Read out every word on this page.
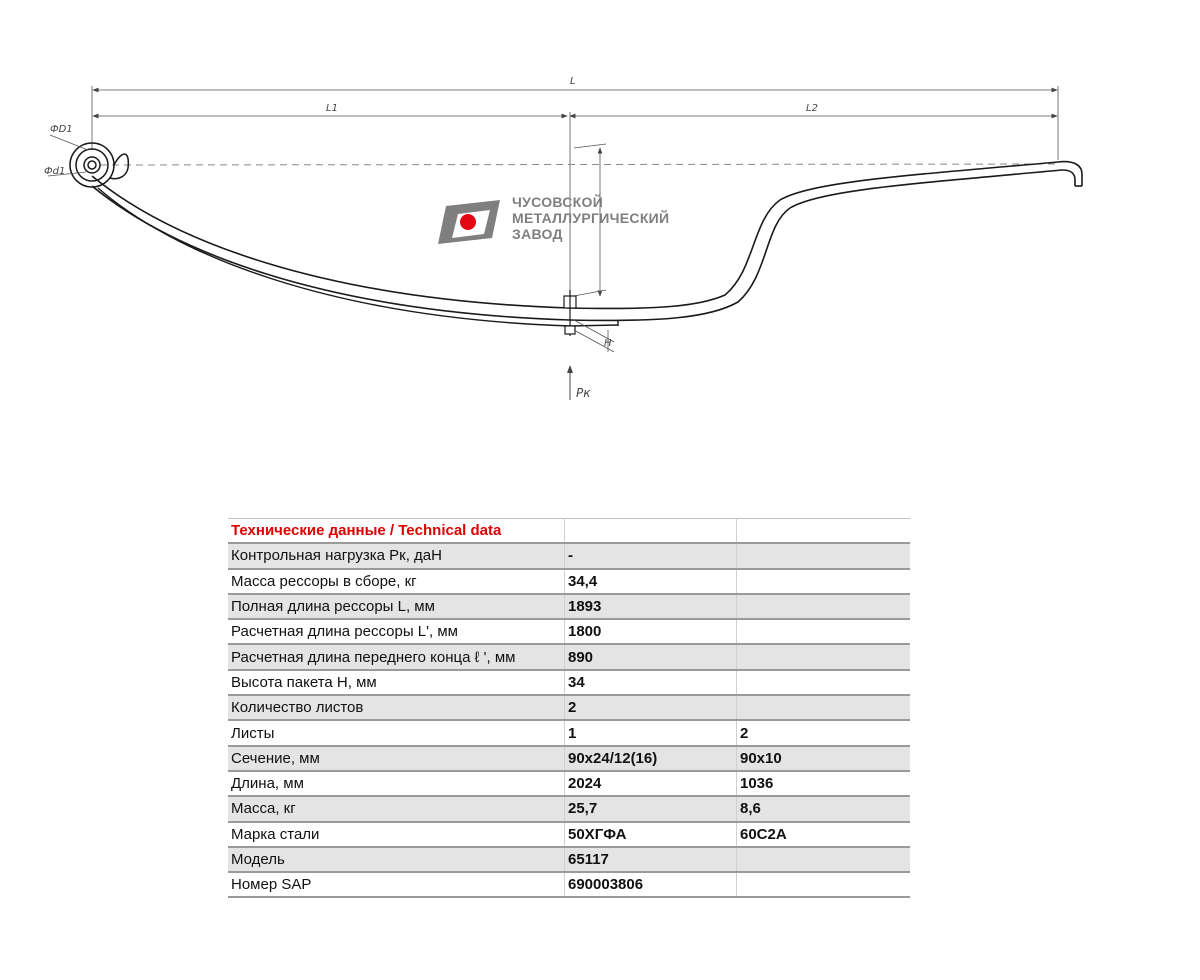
L
L1	L2
ФD1
Фd1
H
Pк
ЧУСОВСКОЙ
МЕТАЛЛУРГИЧЕСКИЙ
ЗАВОД
Технические данные / Technical data		
Контрольная нагрузка Pк, даН	-	
Масса рессоры в сборе, кг	34,4	
Полная длина рессоры L, мм	1893	
Расчетная длина рессоры L', мм	1800	
Расчетная длина переднего конца ℓ ', мм	890	
Высота пакета H, мм	34	
Количество листов	2	
Листы	1	2
Сечение, мм	90x24/12(16)	90x10
Длина, мм	2024	1036
Масса, кг	25,7	8,6
Марка стали	50ХГФА	60С2А
Модель	65117	
Номер SAP	690003806	
